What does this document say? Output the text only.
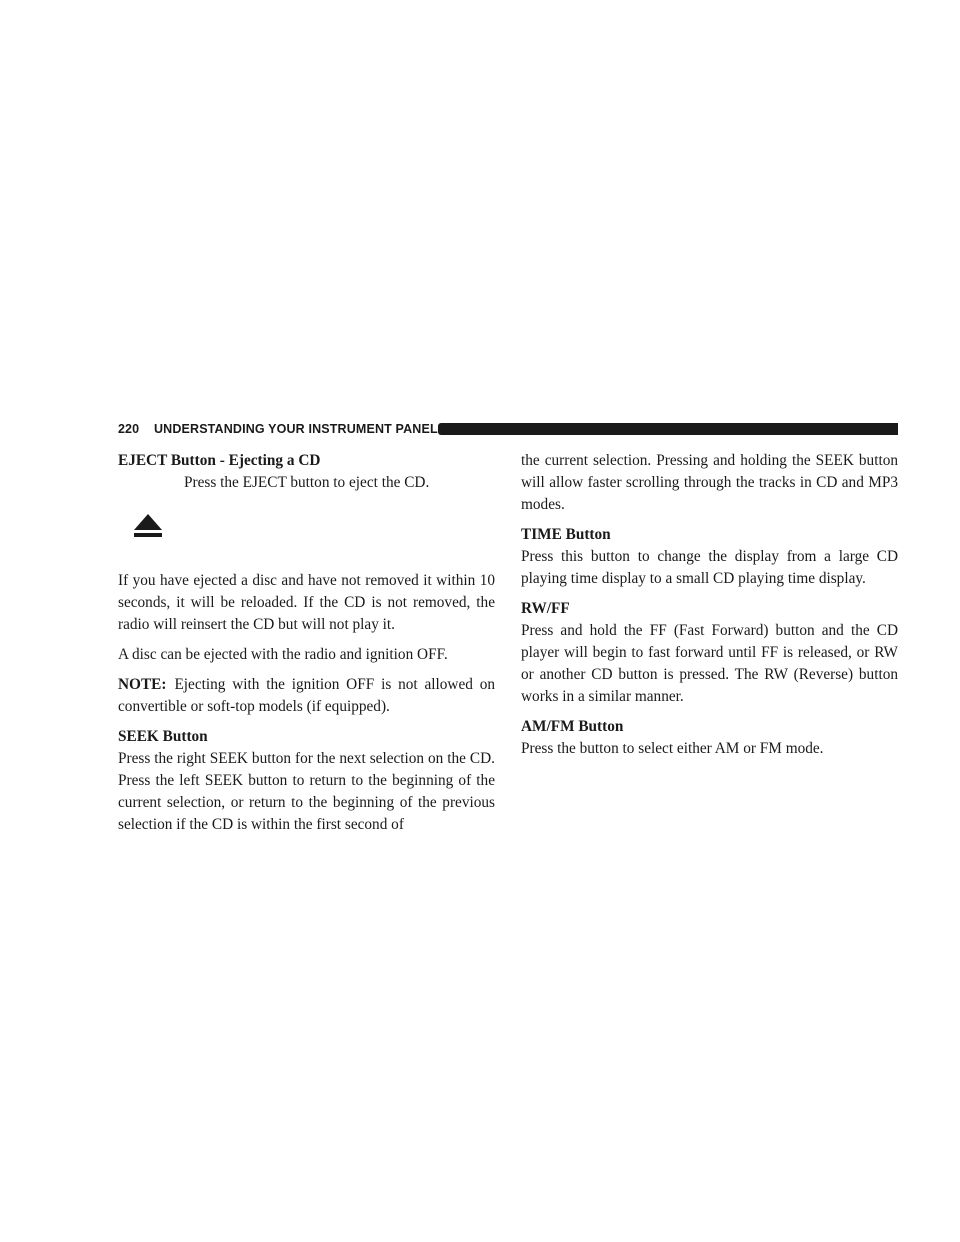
220 UNDERSTANDING YOUR INSTRUMENT PANEL

EJECT Button - Ejecting a CD

Press the EJECT button to eject the CD.

If you have ejected a disc and have not removed it within 10 seconds, it will be reloaded. If the CD is not removed, the radio will reinsert the CD but will not play it.

A disc can be ejected with the radio and ignition OFF.

NOTE: Ejecting with the ignition OFF is not allowed on convertible or soft-top models (if equipped).

SEEK Button

Press the right SEEK button for the next selection on the CD. Press the left SEEK button to return to the beginning of the current selection, or return to the beginning of the previous selection if the CD is within the first second of

the current selection. Pressing and holding the SEEK button will allow faster scrolling through the tracks in CD and MP3 modes.

TIME Button

Press this button to change the display from a large CD playing time display to a small CD playing time display.

RW/FF

Press and hold the FF (Fast Forward) button and the CD player will begin to fast forward until FF is released, or RW or another CD button is pressed. The RW (Reverse) button works in a similar manner.

AM/FM Button

Press the button to select either AM or FM mode.
